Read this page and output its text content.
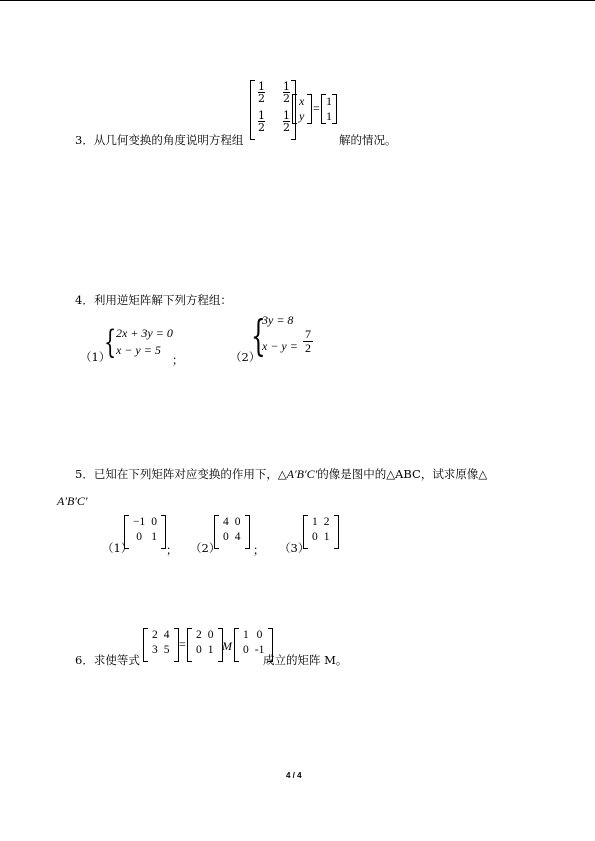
3．从几何变换的角度说明方程组
$\frac{1}{2} \frac{1}{2}$
$\frac{1}{2} \frac{1}{2}$
x
y
= 1
1
解的情况。
4．利用逆矩阵解下列方程组：
（1）
{ 2x + 3y = 0
x − y = 5
；	（2）
{
3y = 8
$x - y = \frac{7}{2}$
5．已知在下列矩阵对应变换的作用下，△A′B′C′的像是图中的△ABC，试求原像△
A′B′C′
（1）
−1	0
0	1
； （2）
4	0
0	4
； （3）
1	2
0	1
6．求使等式
2	4
3	5 =
2	0
0	1 M
1	0
0	-1
成立的矩阵 M。
4 / 4
